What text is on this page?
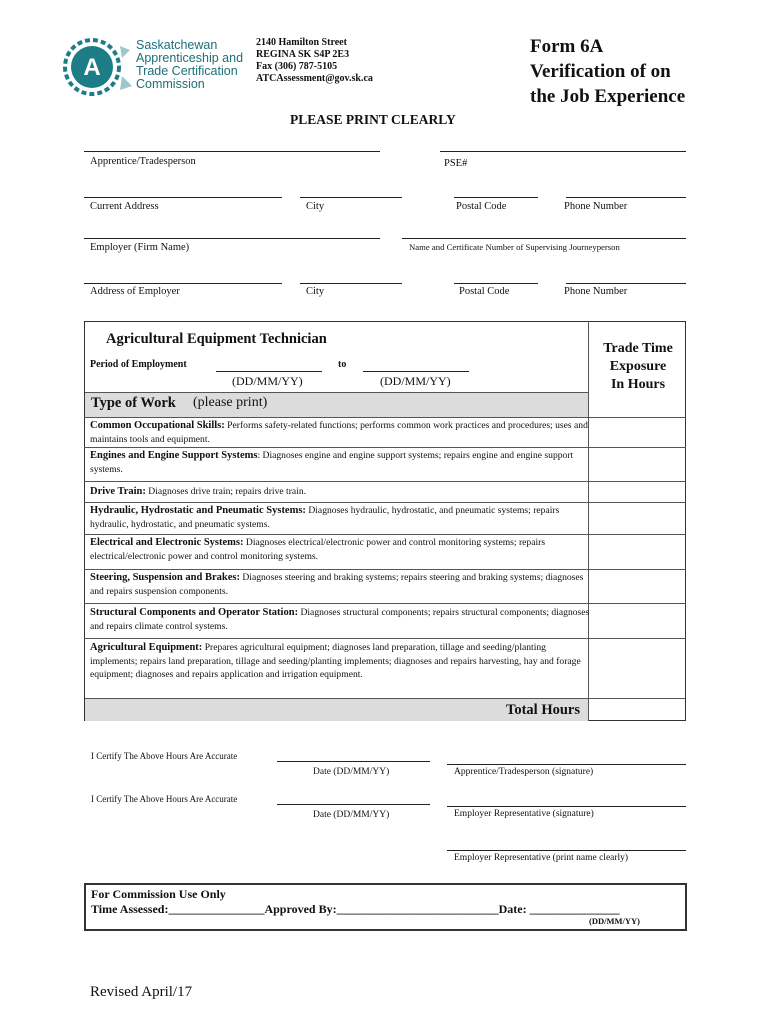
A
Saskatchewan
Apprenticeship and
Trade Certification
Commission
2140 Hamilton Street
REGINA SK S4P 2E3
Fax (306) 787-5105
ATCAssessment@gov.sk.ca
Form 6A
Verification of on
the Job Experience
PLEASE PRINT CLEARLY
Apprentice/Tradesperson	PSE#
Current Address	City	Postal Code	Phone Number
Employer (Firm Name)	Name and Certificate Number of Supervising Journeyperson
Address of Employer	City	Postal Code	Phone Number
Agricultural Equipment Technician
Period of Employment	to
(DD/MM/YY)	(DD/MM/YY)
Trade Time
Exposure
In Hours
Type of Work (please print)
Common Occupational Skills: Performs safety-related functions; performs common work practices and procedures; uses and maintains tools and equipment.
Engines and Engine Support Systems: Diagnoses engine and engine support systems; repairs engine and engine support systems.
Drive Train: Diagnoses drive train; repairs drive train.
Hydraulic, Hydrostatic and Pneumatic Systems: Diagnoses hydraulic, hydrostatic, and pneumatic systems; repairs hydraulic, hydrostatic, and pneumatic systems.
Electrical and Electronic Systems: Diagnoses electrical/electronic power and control monitoring systems; repairs electrical/electronic power and control monitoring systems.
Steering, Suspension and Brakes: Diagnoses steering and braking systems; repairs steering and braking systems; diagnoses and repairs suspension components.
Structural Components and Operator Station: Diagnoses structural components; repairs structural components; diagnoses and repairs climate control systems.
Agricultural Equipment: Prepares agricultural equipment; diagnoses land preparation, tillage and seeding/planting implements; repairs land preparation, tillage and seeding/planting implements; diagnoses and repairs harvesting, hay and forage equipment; diagnoses and repairs application and irrigation equipment.
Total Hours
I Certify The Above Hours Are Accurate
Date (DD/MM/YY)	Apprentice/Tradesperson (signature)
I Certify The Above Hours Are Accurate
Date (DD/MM/YY)	Employer Representative (signature)
Employer Representative (print name clearly)
For Commission Use Only
Time Assessed:________________Approved By:___________________________Date: _______________
(DD/MM/YY)
Revised April/17
